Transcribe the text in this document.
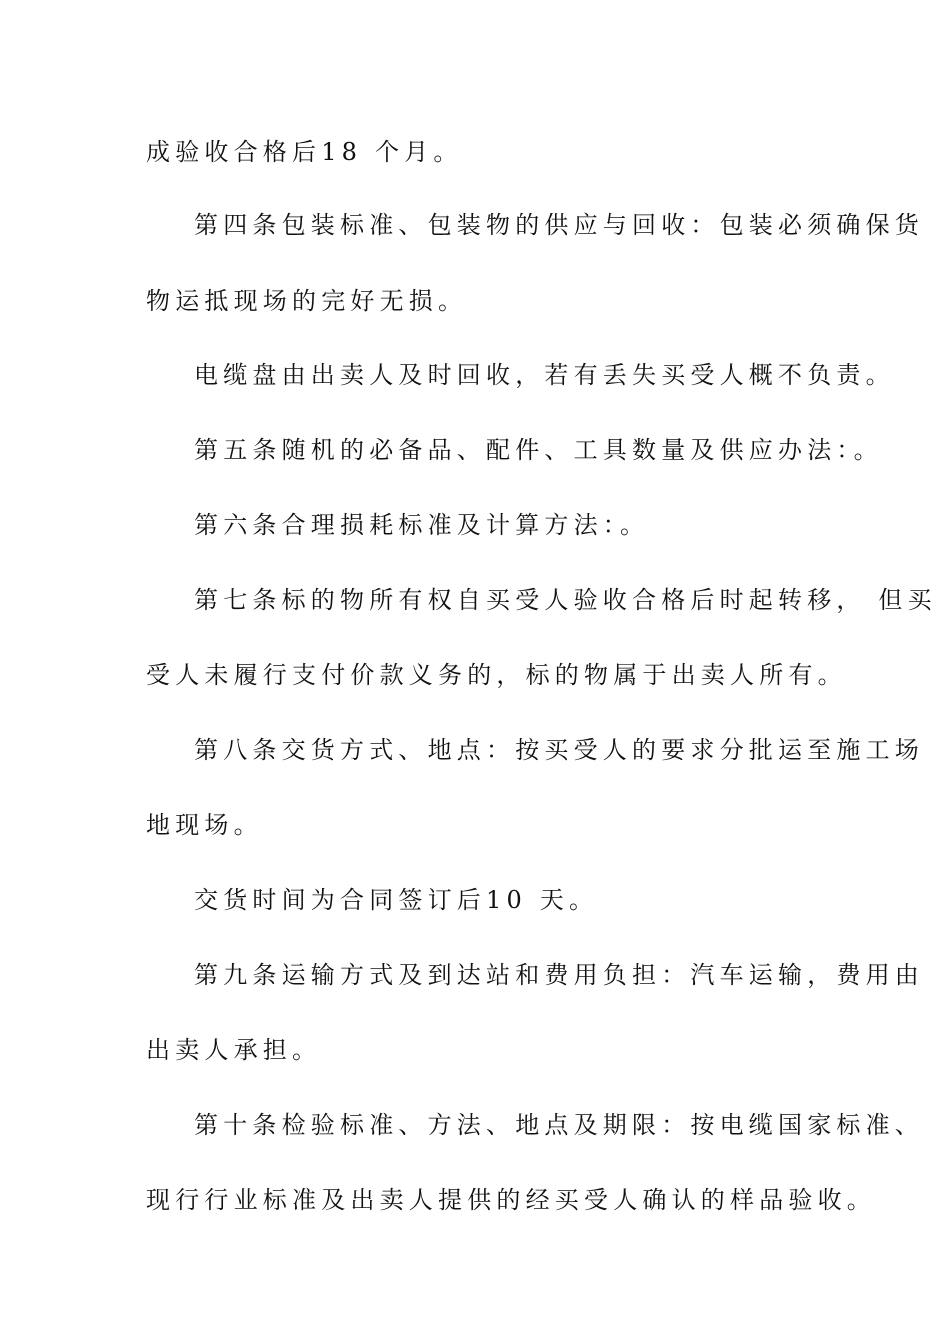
成验收合格后18 个月。
第四条包装标准、包装物的供应与回收：包装必须确保货
物运抵现场的完好无损。
电缆盘由出卖人及时回收，若有丢失买受人概不负责。
第五条随机的必备品、配件、工具数量及供应办法：。
第六条合理损耗标准及计算方法：。
第七条标的物所有权自买受人验收合格后时起转移， 但买
受人未履行支付价款义务的，标的物属于出卖人所有。
第八条交货方式、地点：按买受人的要求分批运至施工场
地现场。
交货时间为合同签订后10 天。
第九条运输方式及到达站和费用负担：汽车运输，费用由
出卖人承担。
第十条检验标准、方法、地点及期限：按电缆国家标准、
现行行业标准及出卖人提供的经买受人确认的样品验收。
